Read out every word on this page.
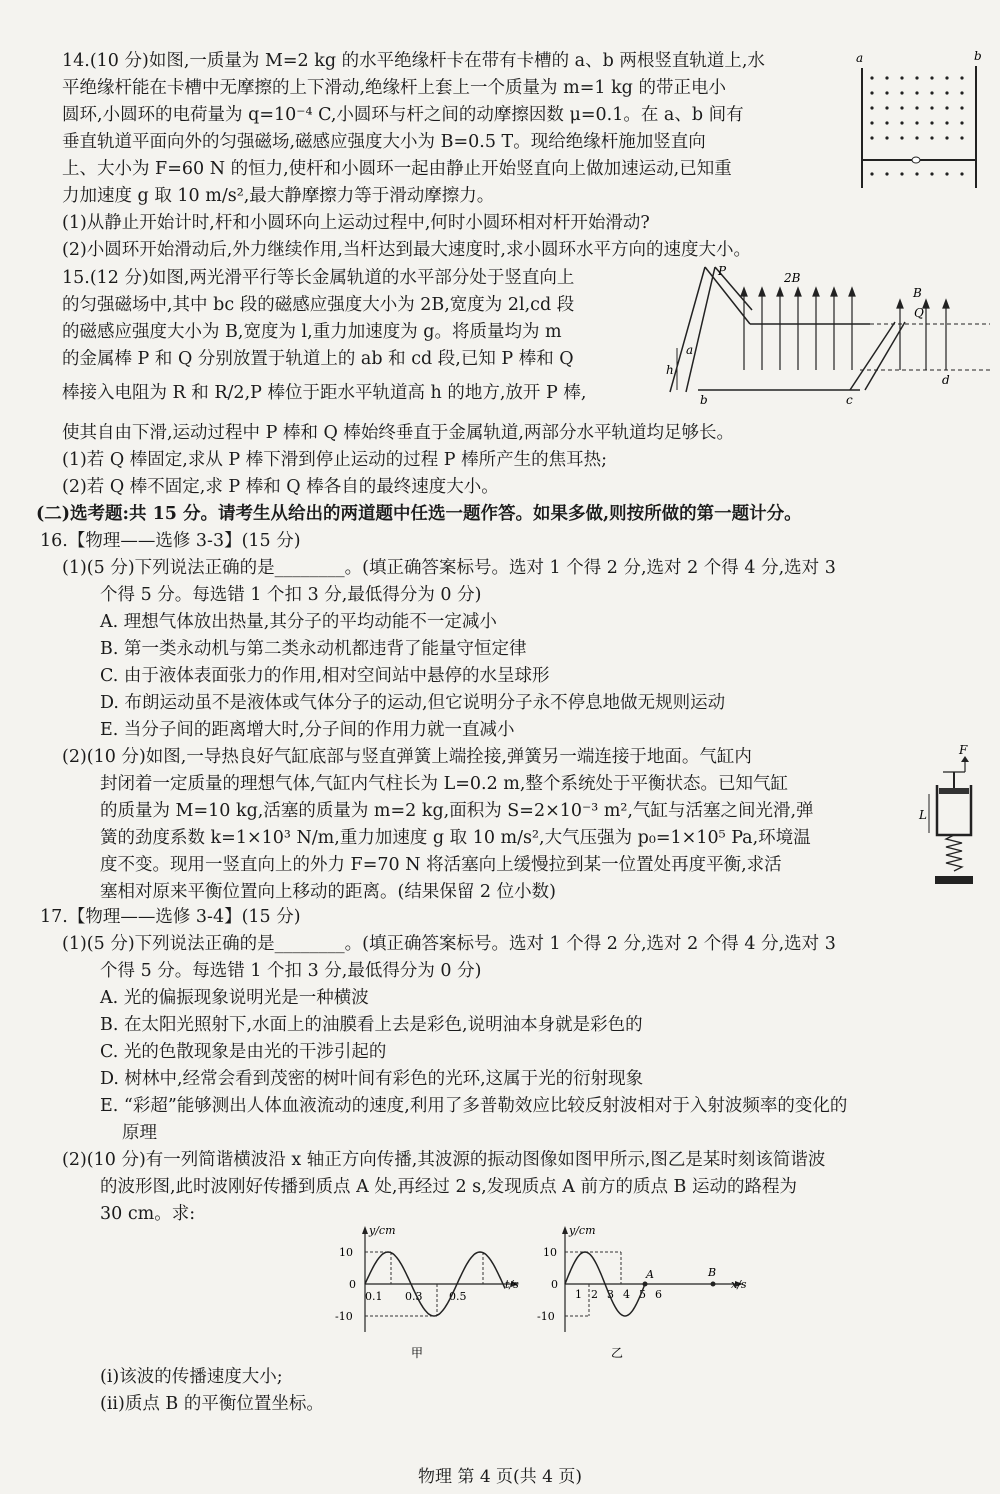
14.(10 分)如图,一质量为 M=2 kg 的水平绝缘杆卡在带有卡槽的 a、b 两根竖直轨道上,水
平绝缘杆能在卡槽中无摩擦的上下滑动,绝缘杆上套上一个质量为 m=1 kg 的带正电小
圆环,小圆环的电荷量为 q=10⁻⁴ C,小圆环与杆之间的动摩擦因数 μ=0.1。在 a、b 间有
垂直轨道平面向外的匀强磁场,磁感应强度大小为 B=0.5 T。现给绝缘杆施加竖直向
上、大小为 F=60 N 的恒力,使杆和小圆环一起由静止开始竖直向上做加速运动,已知重
力加速度 g 取 10 m/s²,最大静摩擦力等于滑动摩擦力。
(1)从静止开始计时,杆和小圆环向上运动过程中,何时小圆环相对杆开始滑动?
(2)小圆环开始滑动后,外力继续作用,当杆达到最大速度时,求小圆环水平方向的速度大小。
a	b
15.(12 分)如图,两光滑平行等长金属轨道的水平部分处于竖直向上
的匀强磁场中,其中 bc 段的磁感应强度大小为 2B,宽度为 2l,cd 段
的磁感应强度大小为 B,宽度为 l,重力加速度为 g。将质量均为 m
的金属棒 P 和 Q 分别放置于轨道上的 ab 和 cd 段,已知 P 棒和 Q
棒接入电阻为 R 和 R/2,P 棒位于距水平轨道高 h 的地方,放开 P 棒,
使其自由下滑,运动过程中 P 棒和 Q 棒始终垂直于金属轨道,两部分水平轨道均足够长。
(1)若 Q 棒固定,求从 P 棒下滑到停止运动的过程 P 棒所产生的焦耳热;
(2)若 Q 棒不固定,求 P 棒和 Q 棒各自的最终速度大小。
P	2B
B
Q
a
h
b	c
d
(二)选考题:共 15 分。请考生从给出的两道题中任选一题作答。如果多做,则按所做的第一题计分。
16.【物理——选修 3-3】(15 分)
(1)(5 分)下列说法正确的是________。(填正确答案标号。选对 1 个得 2 分,选对 2 个得 4 分,选对 3
个得 5 分。每选错 1 个扣 3 分,最低得分为 0 分)
A. 理想气体放出热量,其分子的平均动能不一定减小
B. 第一类永动机与第二类永动机都违背了能量守恒定律
C. 由于液体表面张力的作用,相对空间站中悬停的水呈球形
D. 布朗运动虽不是液体或气体分子的运动,但它说明分子永不停息地做无规则运动
E. 当分子间的距离增大时,分子间的作用力就一直减小
(2)(10 分)如图,一导热良好气缸底部与竖直弹簧上端拴接,弹簧另一端连接于地面。气缸内
封闭着一定质量的理想气体,气缸内气柱长为 L=0.2 m,整个系统处于平衡状态。已知气缸
的质量为 M=10 kg,活塞的质量为 m=2 kg,面积为 S=2×10⁻³ m²,气缸与活塞之间光滑,弹
簧的劲度系数 k=1×10³ N/m,重力加速度 g 取 10 m/s²,大气压强为 p₀=1×10⁵ Pa,环境温
度不变。现用一竖直向上的外力 F=70 N 将活塞向上缓慢拉到某一位置处再度平衡,求活
塞相对原来平衡位置向上移动的距离。(结果保留 2 位小数)
F
L
17.【物理——选修 3-4】(15 分)
(1)(5 分)下列说法正确的是________。(填正确答案标号。选对 1 个得 2 分,选对 2 个得 4 分,选对 3
个得 5 分。每选错 1 个扣 3 分,最低得分为 0 分)
A. 光的偏振现象说明光是一种横波
B. 在太阳光照射下,水面上的油膜看上去是彩色,说明油本身就是彩色的
C. 光的色散现象是由光的干涉引起的
D. 树林中,经常会看到茂密的树叶间有彩色的光环,这属于光的衍射现象
E. “彩超”能够测出人体血液流动的速度,利用了多普勒效应比较反射波相对于入射波频率的变化的
原理
(2)(10 分)有一列简谐横波沿 x 轴正方向传播,其波源的振动图像如图甲所示,图乙是某时刻该简谐波
的波形图,此时波刚好传播到质点 A 处,再经过 2 s,发现质点 A 前方的质点 B 运动的路程为
30 cm。求:
y/cm
t/s
10
0
-10
0.1 0.3 0.5
甲
y/cm
x/s
10
0
-10
1 2 3 4 5 6
A	B
乙
(i)该波的传播速度大小;
(ii)质点 B 的平衡位置坐标。
物理 第 4 页(共 4 页)
